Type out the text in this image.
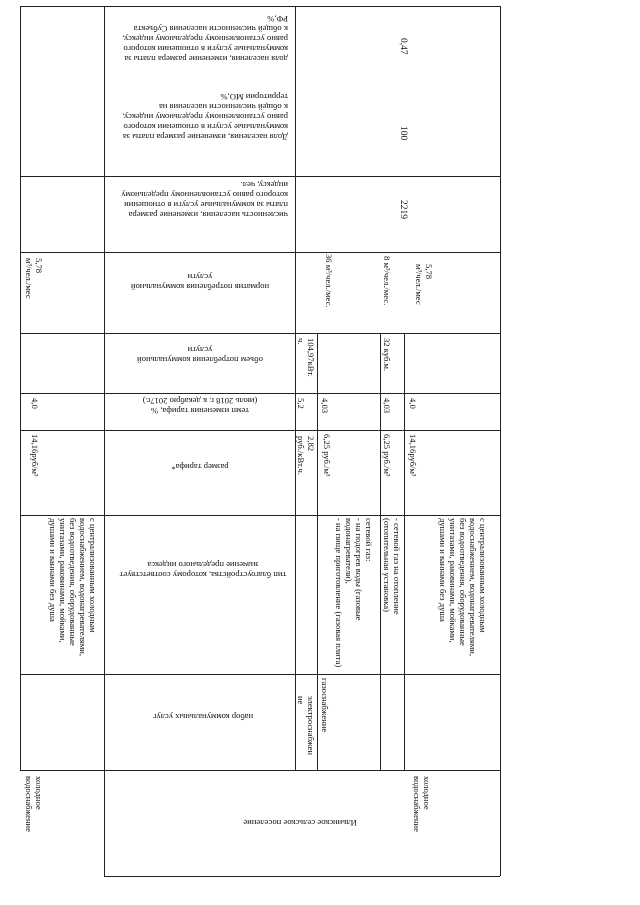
доля населения, изменение размера платы за коммунальные услуги в отношении которого равно установленному предельному индексу, к общей численности населения Субъекта РФ,%
Доля населения, изменение размера платы за коммунальные услуги в отношении которого равно установленному предельному индексу, к общей численности населения на территории МО,%
численность населения, изменение размера платы за коммунальные услуги в отношении которого равно установленному предельному индексу, чел.
норматив потребления коммунальной услуги
объем потребления коммунальной услуги
темп изменения тарифа, %
(июль 2018 г. к декабрю 2017г.)
размер тарифа*
тип благоустройства, которому соответствует значение предельного индекса
набор коммунальных услуг
холодное водоснабжение
с централизованным холодным водоснабжением, водонагревателями, без водоотведения, оборудованные унитазами, раковинами, мойками, душами и ваннами без душа
14,16руб/м³
4,0
5,78
м³/чел./мес
0,47
100
2219
электроснабжен
ие
2,82
руб./кВт.ч.
5,2
104,97кВт.
ч.
газоснабжение
сетевой газ:
- на подогрев воды (газовые водонагреватели),
- на пище приготовление (газовая плита)
6,25 руб./м³
4,03
36 м³/чел./мес.
- сетевой газ на отопление (отопительная установка)
6,25 руб./м³
4,03
32 куб.м.
8 м³/чел./мес.
холодное водоснабжение
с централизованным холодным водоснабжением, водонагревателями, без водоотведения, оборудованные унитазами, раковинами, мойками, душами и ваннами без душа
14,16руб/м³
4,0
5,78
м³/чел./мес
Ильинское сельское поселение
